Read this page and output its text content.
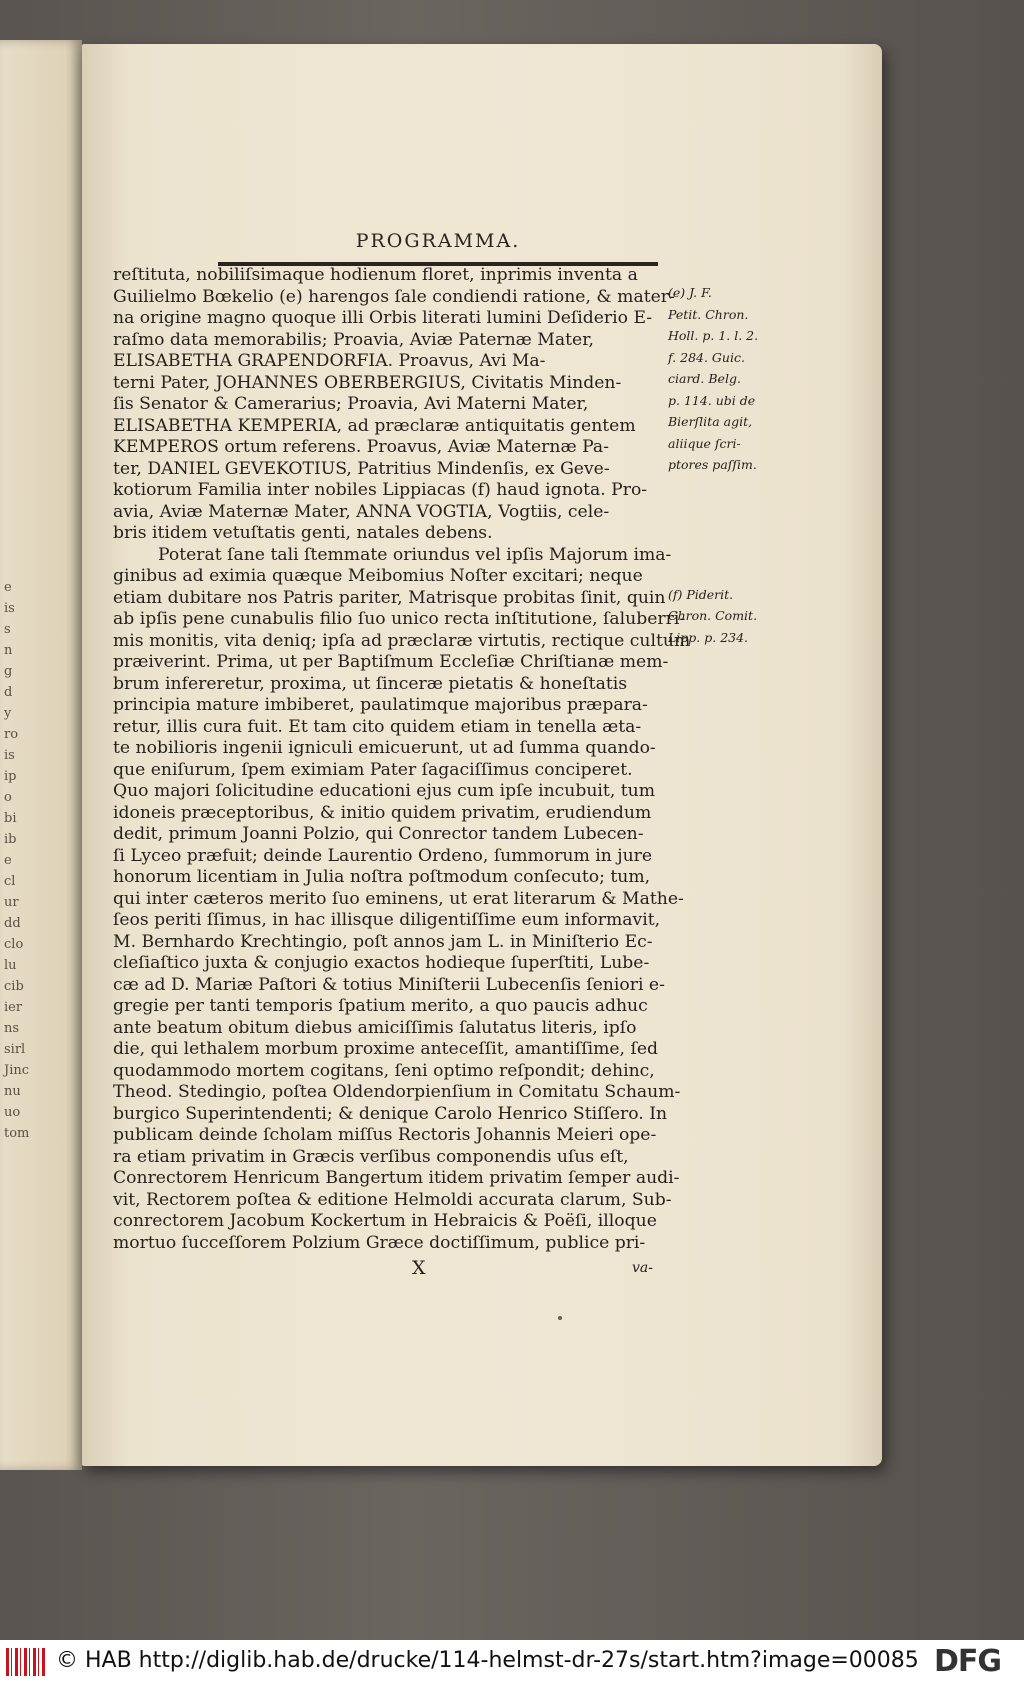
e
is
s
n
g
d
y
ro
is
ip
o
bi
ib
e
cl
ur
dd
clo
lu
cib
ier
ns
sirl
Jinc
nu
uo
tom
PROGRAMMA.
reſtituta, nobiliſsimaque hodienum floret, inprimis inventa a
Guilielmo Bœkelio (e) harengos ſale condiendi ratione, & mater-
na origine magno quoque illi Orbis literati lumini Deſiderio E-
raſmo data memorabilis; Proavia, Aviæ Paternæ Mater,
ELISABETHA GRAPENDORFIA. Proavus, Avi Ma-
terni Pater, JOHANNES OBERBERGIUS, Civitatis Minden-
ſis Senator & Camerarius; Proavia, Avi Materni Mater,
ELISABETHA KEMPERIA, ad præclaræ antiquitatis gentem
KEMPEROS ortum referens. Proavus, Aviæ Maternæ Pa-
ter, DANIEL GEVEKOTIUS, Patritius Mindenſis, ex Geve-
kotiorum Familia inter nobiles Lippiacas (f) haud ignota. Pro-
avia, Aviæ Maternæ Mater, ANNA VOGTIA, Vogtiis, cele-
bris itidem vetuſtatis genti, natales debens.
Poterat ſane tali ſtemmate oriundus vel ipſis Majorum ima-
ginibus ad eximia quæque Meibomius Noſter excitari; neque
etiam dubitare nos Patris pariter, Matrisque probitas ſinit, quin
ab ipſis pene cunabulis filio ſuo unico recta inſtitutione, ſaluberri-
mis monitis, vita deniq; ipſa ad præclaræ virtutis, rectique cultum
præiverint. Prima, ut per Baptiſmum Eccleſiæ Chriſtianæ mem-
brum infereretur, proxima, ut ſinceræ pietatis & honeſtatis
principia mature imbiberet, paulatimque majoribus præpara-
retur, illis cura fuit. Et tam cito quidem etiam in tenella æta-
te nobilioris ingenii igniculi emicuerunt, ut ad ſumma quando-
que eniſurum, ſpem eximiam Pater ſagaciſſimus conciperet.
Quo majori ſolicitudine educationi ejus cum ipſe incubuit, tum
idoneis præceptoribus, & initio quidem privatim, erudiendum
dedit, primum Joanni Polzio, qui Conrector tandem Lubecen-
ſi Lyceo præfuit; deinde Laurentio Ordeno, ſummorum in jure
honorum licentiam in Julia noſtra poſtmodum conſecuto; tum,
qui inter cæteros merito ſuo eminens, ut erat literarum & Mathe-
ſeos periti ſſimus, in hac illisque diligentiſſime eum informavit,
M. Bernhardo Krechtingio, poſt annos jam L. in Miniſterio Ec-
cleſiaſtico juxta & conjugio exactos hodieque ſuperſtiti, Lube-
cæ ad D. Mariæ Paſtori & totius Miniſterii Lubecenſis ſeniori e-
gregie per tanti temporis ſpatium merito, a quo paucis adhuc
ante beatum obitum diebus amiciſſimis ſalutatus literis, ipſo
die, qui lethalem morbum proxime anteceſſit, amantiſſime, ſed
quodammodo mortem cogitans, ſeni optimo reſpondit; dehinc,
Theod. Stedingio, poſtea Oldendorpienſium in Comitatu Schaum-
burgico Superintendenti; & denique Carolo Henrico Stiſſero. In
publicam deinde ſcholam miſſus Rectoris Johannis Meieri ope-
ra etiam privatim in Græcis verſibus componendis uſus eſt,
Conrectorem Henricum Bangertum itidem privatim ſemper audi-
vit, Rectorem poſtea & editione Helmoldi accurata clarum, Sub-
conrectorem Jacobum Kockertum in Hebraicis & Poëſi, illoque
mortuo ſucceſſorem Polzium Græce doctiſſimum, publice pri-
(e) J. F.
Petit. Chron.
Holl. p. 1. l. 2.
f. 284. Guic.
ciard. Belg.
p. 114. ubi de
Bierſlita agit,
aliique ſcri-
ptores paſſim.
(f) Piderit.
Chron. Comit.
Lipp. p. 234.
X	va-
© HAB http://diglib.hab.de/drucke/114-helmst-dr-27s/start.htm?image=00085 DFG
